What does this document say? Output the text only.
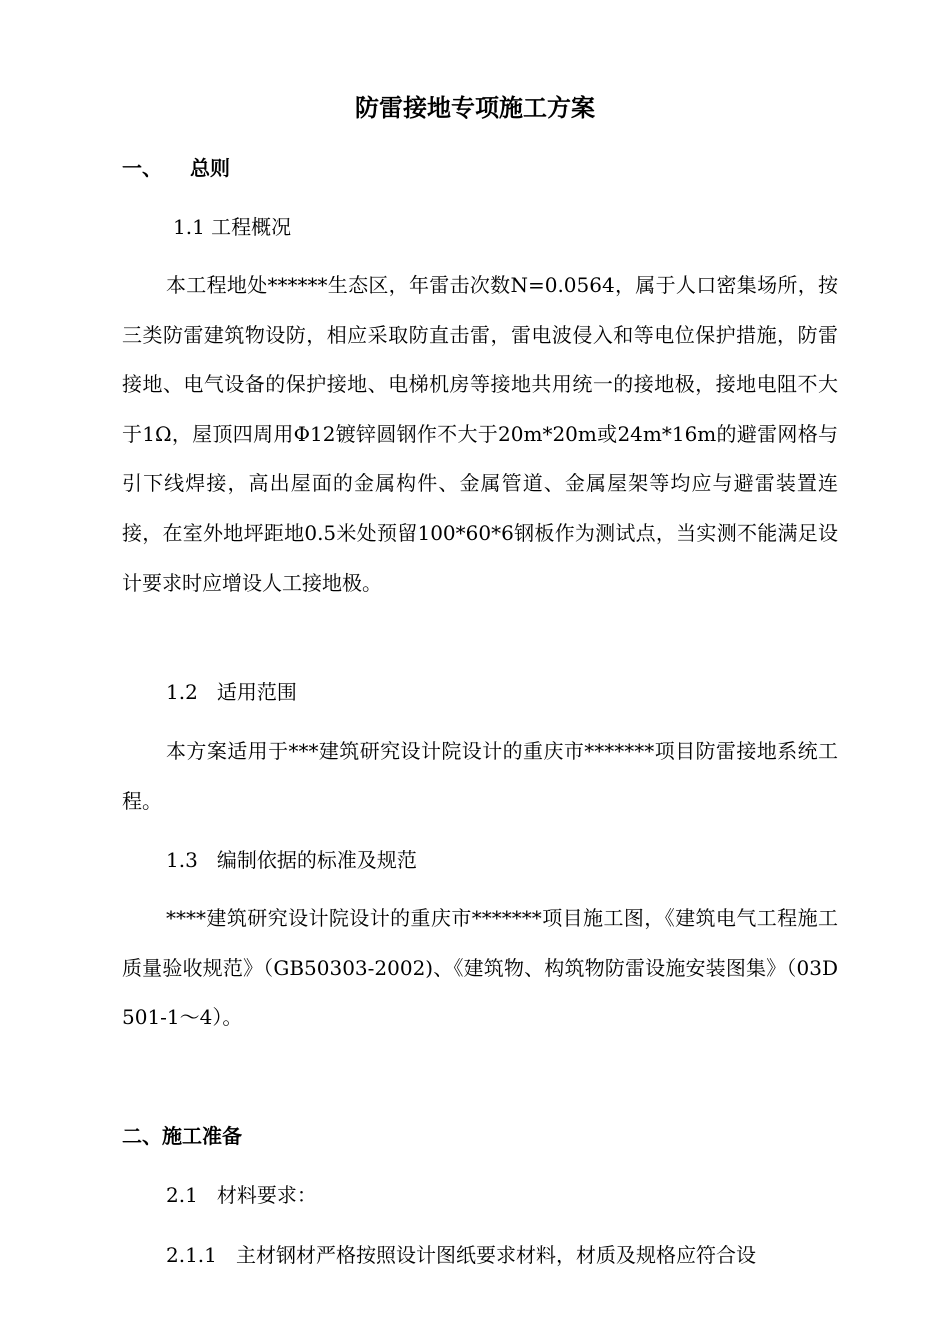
防雷接地专项施工方案
一、 总则
1.1 工程概况

本工程地处******生态区，年雷击次数N=0.0564，属于人口密集场所，按三类防雷建筑物设防，相应采取防直击雷，雷电波侵入和等电位保护措施，防雷接地、电气设备的保护接地、电梯机房等接地共用统一的接地极，接地电阻不大于1Ω，屋顶四周用Φ12镀锌圆钢作不大于20m*20m或24m*16m的避雷网格与引下线焊接，高出屋面的金属构件、金属管道、金属屋架等均应与避雷装置连接，在室外地坪距地0.5米处预留100*60*6钢板作为测试点，当实测不能满足设计要求时应增设人工接地极。

1.2 适用范围

本方案适用于***建筑研究设计院设计的重庆市*******项目防雷接地系统工程。

1.3 编制依据的标准及规范

****建筑研究设计院设计的重庆市*******项目施工图，《建筑电气工程施工质量验收规范》（GB50303-2002)、《建筑物、构筑物防雷设施安装图集》（03D501-1～4）。

二、施工准备
2.1 材料要求：
2.1.1 主材钢材严格按照设计图纸要求材料，材质及规格应符合设
